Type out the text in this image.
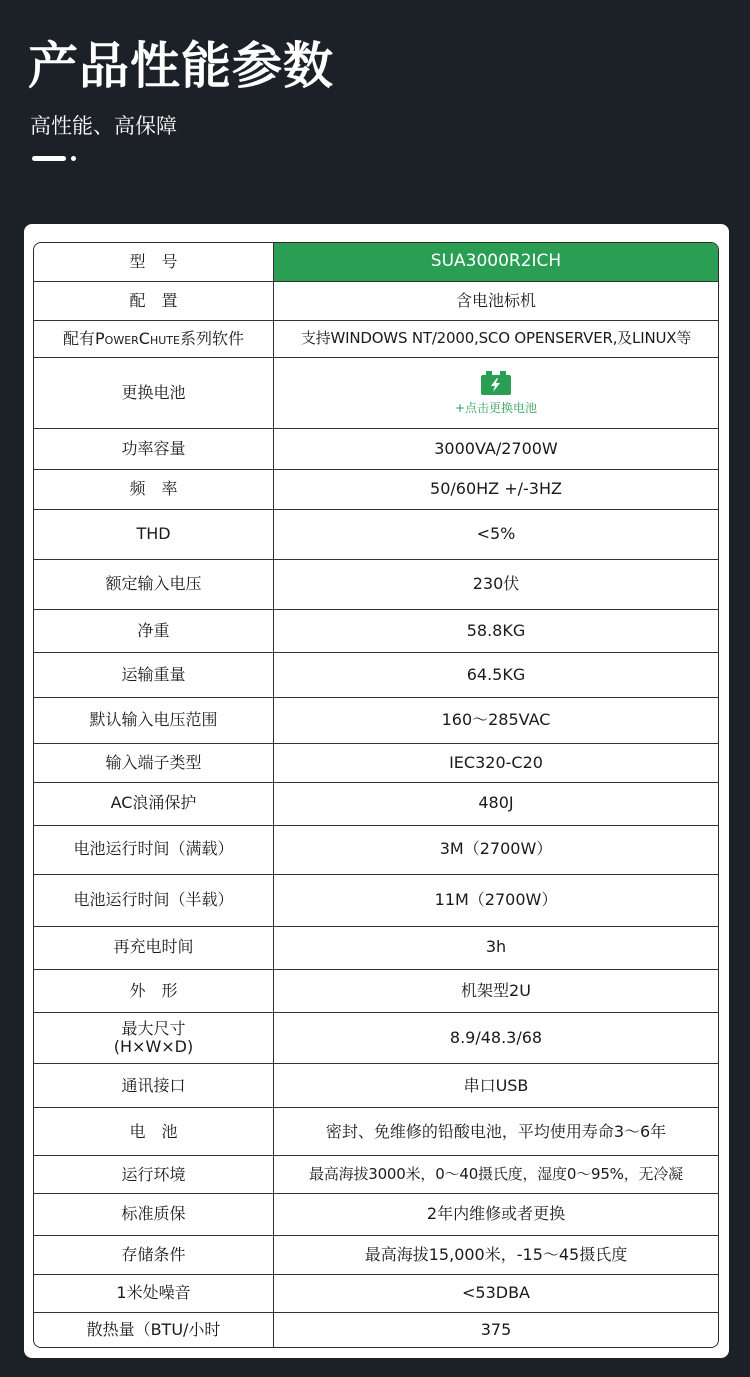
产品性能参数
高性能、高保障
型　号	SUA3000R2ICH
配　置	含电池标机
配有PowerChute系列软件	支持WINDOWS NT/2000,SCO OPENSERVER,及LINUX等
更换电池	+点击更换电池

功率容量	3000VA/2700W
频　率	50/60HZ +/-3HZ
THD	<5%
额定输入电压	230伏
净重	58.8KG
运输重量	64.5KG
默认输入电压范围	160～285VAC
输入端子类型	IEC320-C20
AC浪涌保护	480J
电池运行时间（满载）	3M（2700W）
电池运行时间（半载）	11M（2700W）
再充电时间	3h
外　形	机架型2U

最大尺寸
(H×W×D)	8.9/48.3/68
通讯接口	串口USB
电　池	密封、免维修的铅酸电池，平均使用寿命3～6年
运行环境	最高海拔3000米，0～40摄氏度，湿度0～95%，无冷凝
标准质保	2年内维修或者更换
存储条件	最高海拔15,000米，-15～45摄氏度
1米处噪音	<53DBA
散热量（BTU/小时	375
